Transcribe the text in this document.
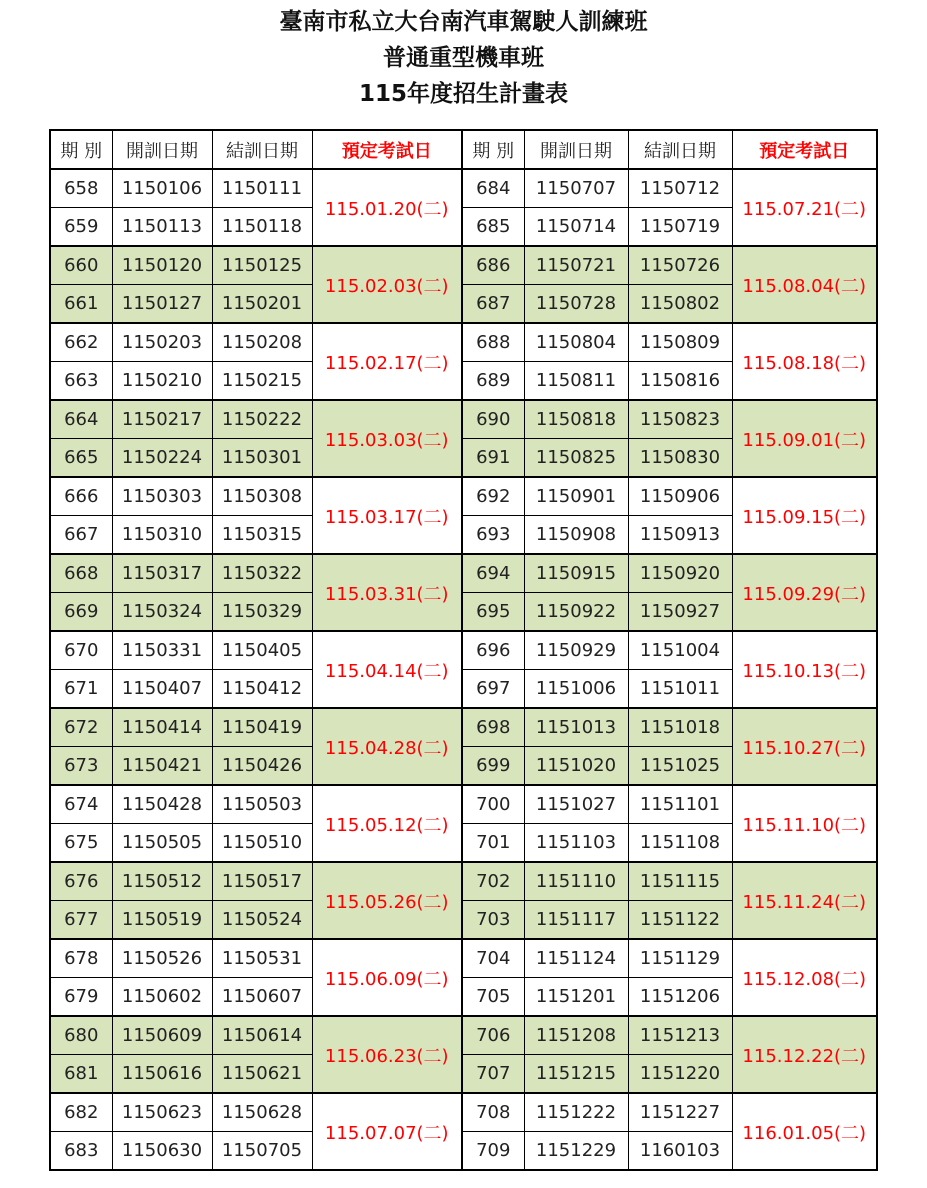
臺南市私立大台南汽車駕駛人訓練班
普通重型機車班
115年度招生計畫表
期 別	開訓日期	結訓日期	預定考試日	期 別	開訓日期	結訓日期	預定考試日
658	1150106	1150111	115.01.20(二)	684	1150707	1150712	115.07.21(二)
659	1150113	1150118		685	1150714	1150719	
660	1150120	1150125	115.02.03(二)	686	1150721	1150726	115.08.04(二)
661	1150127	1150201		687	1150728	1150802	
662	1150203	1150208	115.02.17(二)	688	1150804	1150809	115.08.18(二)
663	1150210	1150215		689	1150811	1150816	
664	1150217	1150222	115.03.03(二)	690	1150818	1150823	115.09.01(二)
665	1150224	1150301		691	1150825	1150830	
666	1150303	1150308	115.03.17(二)	692	1150901	1150906	115.09.15(二)
667	1150310	1150315		693	1150908	1150913	
668	1150317	1150322	115.03.31(二)	694	1150915	1150920	115.09.29(二)
669	1150324	1150329		695	1150922	1150927	
670	1150331	1150405	115.04.14(二)	696	1150929	1151004	115.10.13(二)
671	1150407	1150412		697	1151006	1151011	
672	1150414	1150419	115.04.28(二)	698	1151013	1151018	115.10.27(二)
673	1150421	1150426		699	1151020	1151025	
674	1150428	1150503	115.05.12(二)	700	1151027	1151101	115.11.10(二)
675	1150505	1150510		701	1151103	1151108	
676	1150512	1150517	115.05.26(二)	702	1151110	1151115	115.11.24(二)
677	1150519	1150524		703	1151117	1151122	
678	1150526	1150531	115.06.09(二)	704	1151124	1151129	115.12.08(二)
679	1150602	1150607		705	1151201	1151206	
680	1150609	1150614	115.06.23(二)	706	1151208	1151213	115.12.22(二)
681	1150616	1150621		707	1151215	1151220	
682	1150623	1150628	115.07.07(二)	708	1151222	1151227	116.01.05(二)
683	1150630	1150705		709	1151229	1160103	
